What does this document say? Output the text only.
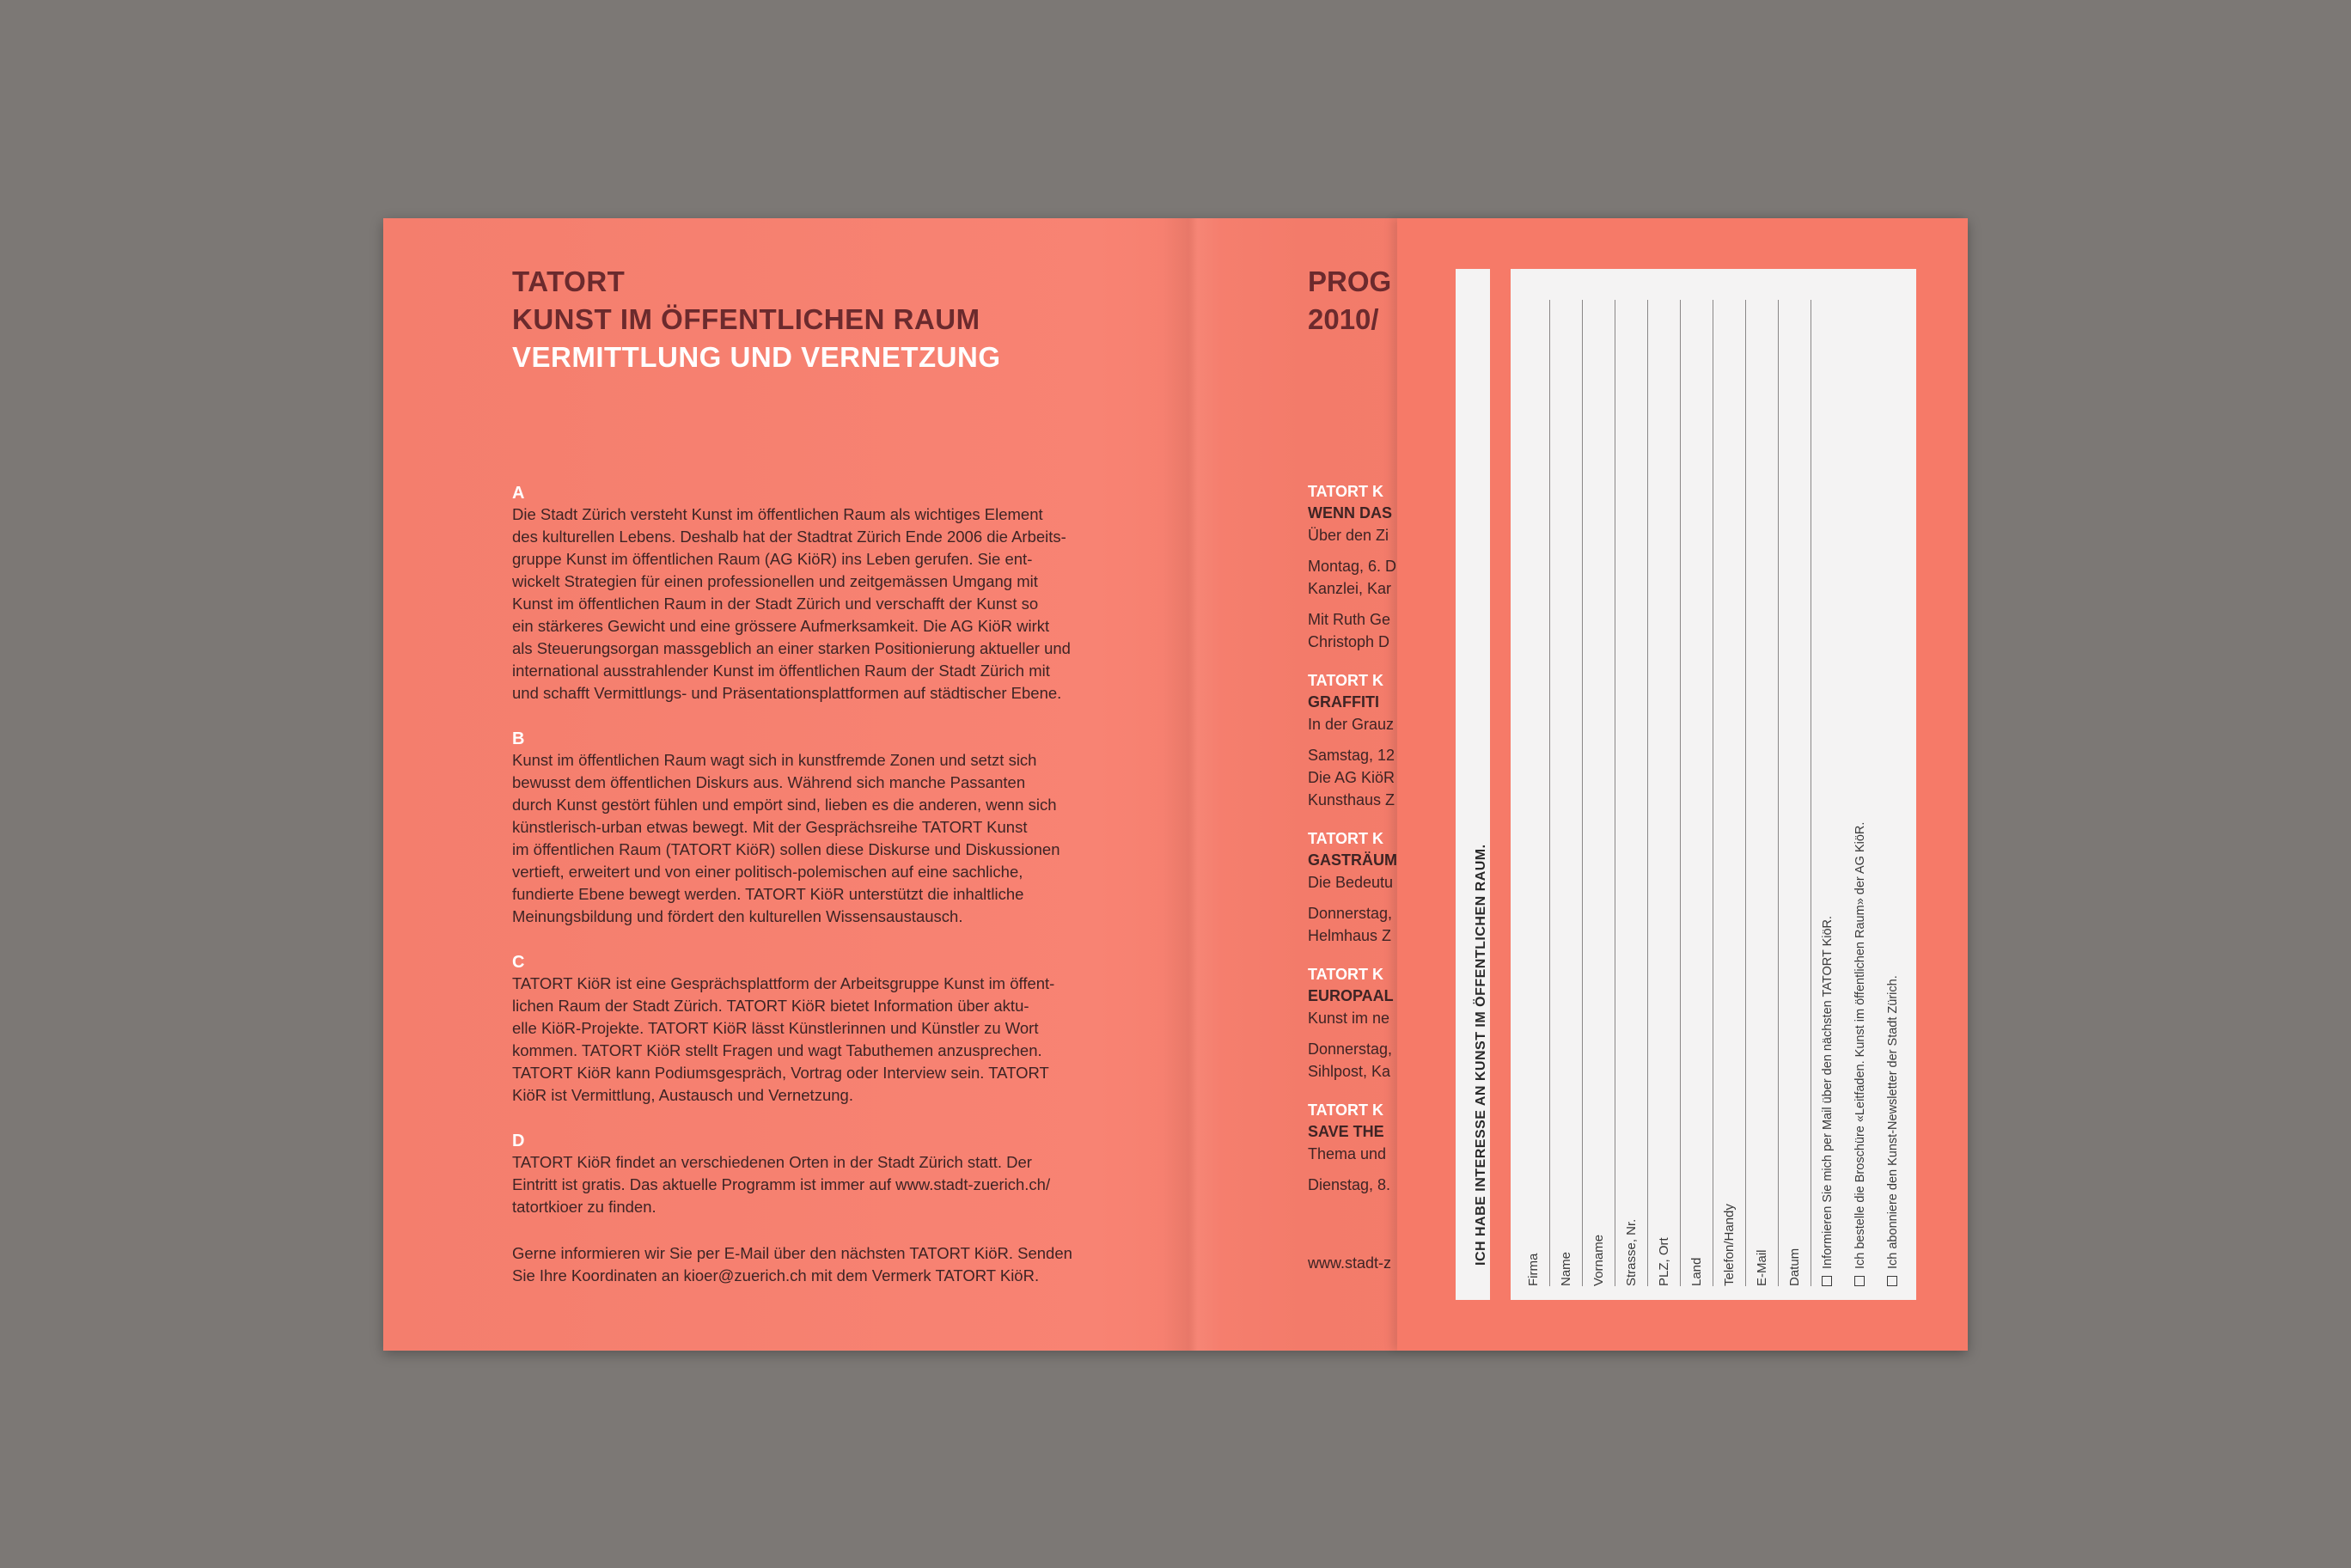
TATORT
KUNST IM ÖFFENTLICHEN RAUM
VERMITTLUNG UND VERNETZUNG
A
Die Stadt Zürich versteht Kunst im öffentlichen Raum als wichtiges Element
des kulturellen Lebens. Deshalb hat der Stadtrat Zürich Ende 2006 die Arbeits-
gruppe Kunst im öffentlichen Raum (AG KiöR) ins Leben gerufen. Sie ent-
wickelt Strategien für einen professionellen und zeitgemässen Umgang mit
Kunst im öffentlichen Raum in der Stadt Zürich und verschafft der Kunst so
ein stärkeres Gewicht und eine grössere Aufmerksamkeit. Die AG KiöR wirkt
als Steuerungsorgan massgeblich an einer starken Positionierung aktueller und
international ausstrahlender Kunst im öffentlichen Raum der Stadt Zürich mit
und schafft Vermittlungs- und Präsentationsplattformen auf städtischer Ebene.
B
Kunst im öffentlichen Raum wagt sich in kunstfremde Zonen und setzt sich
bewusst dem öffentlichen Diskurs aus. Während sich manche Passanten
durch Kunst gestört fühlen und empört sind, lieben es die anderen, wenn sich
künstlerisch-urban etwas bewegt. Mit der Gesprächsreihe TATORT Kunst
im öffentlichen Raum (TATORT KiöR) sollen diese Diskurse und Diskussionen
vertieft, erweitert und von einer politisch-polemischen auf eine sachliche,
fundierte Ebene bewegt werden. TATORT KiöR unterstützt die inhaltliche
Meinungsbildung und fördert den kulturellen Wissensaustausch.
C
TATORT KiöR ist eine Gesprächsplattform der Arbeitsgruppe Kunst im öffent-
lichen Raum der Stadt Zürich. TATORT KiöR bietet Information über aktu-
elle KiöR-Projekte. TATORT KiöR lässt Künstlerinnen und Künstler zu Wort
kommen. TATORT KiöR stellt Fragen und wagt Tabuthemen anzusprechen.
TATORT KiöR kann Podiumsgespräch, Vortrag oder Interview sein. TATORT
KiöR ist Vermittlung, Austausch und Vernetzung.
D
TATORT KiöR findet an verschiedenen Orten in der Stadt Zürich statt. Der
Eintritt ist gratis. Das aktuelle Programm ist immer auf www.stadt-zuerich.ch/
tatortkioer zu finden.
Gerne informieren wir Sie per E-Mail über den nächsten TATORT KiöR. Senden
Sie Ihre Koordinaten an kioer@zuerich.ch mit dem Vermerk TATORT KiöR.
PROG
2010/
TATORT K
WENN DAS
Über den Zi
Montag, 6. D
Kanzlei, Kar
Mit Ruth Ge
Christoph D
TATORT K
GRAFFITI
In der Grauz
Samstag, 12
Die AG KiöR
Kunsthaus Z
TATORT K
GASTRÄUM
Die Bedeutu
Donnerstag,
Helmhaus Z
TATORT K
EUROPAAL
Kunst im ne
Donnerstag,
Sihlpost, Ka
TATORT K
SAVE THE
Thema und
Dienstag, 8.
www.stadt-z	ICH HABE INTERESSE AN KUNST IM ÖFFENTLICHEN RAUM.
Firma Name Vorname Strasse, Nr. PLZ, Ort Land Telefon/Handy E-Mail Datum Informieren Sie mich per Mail über den nächsten TATORT KiöR. Ich bestelle die Broschüre «Leitfaden. Kunst im öffentlichen Raum» der AG KiöR. Ich abonniere den Kunst-Newsletter der Stadt Zürich.
